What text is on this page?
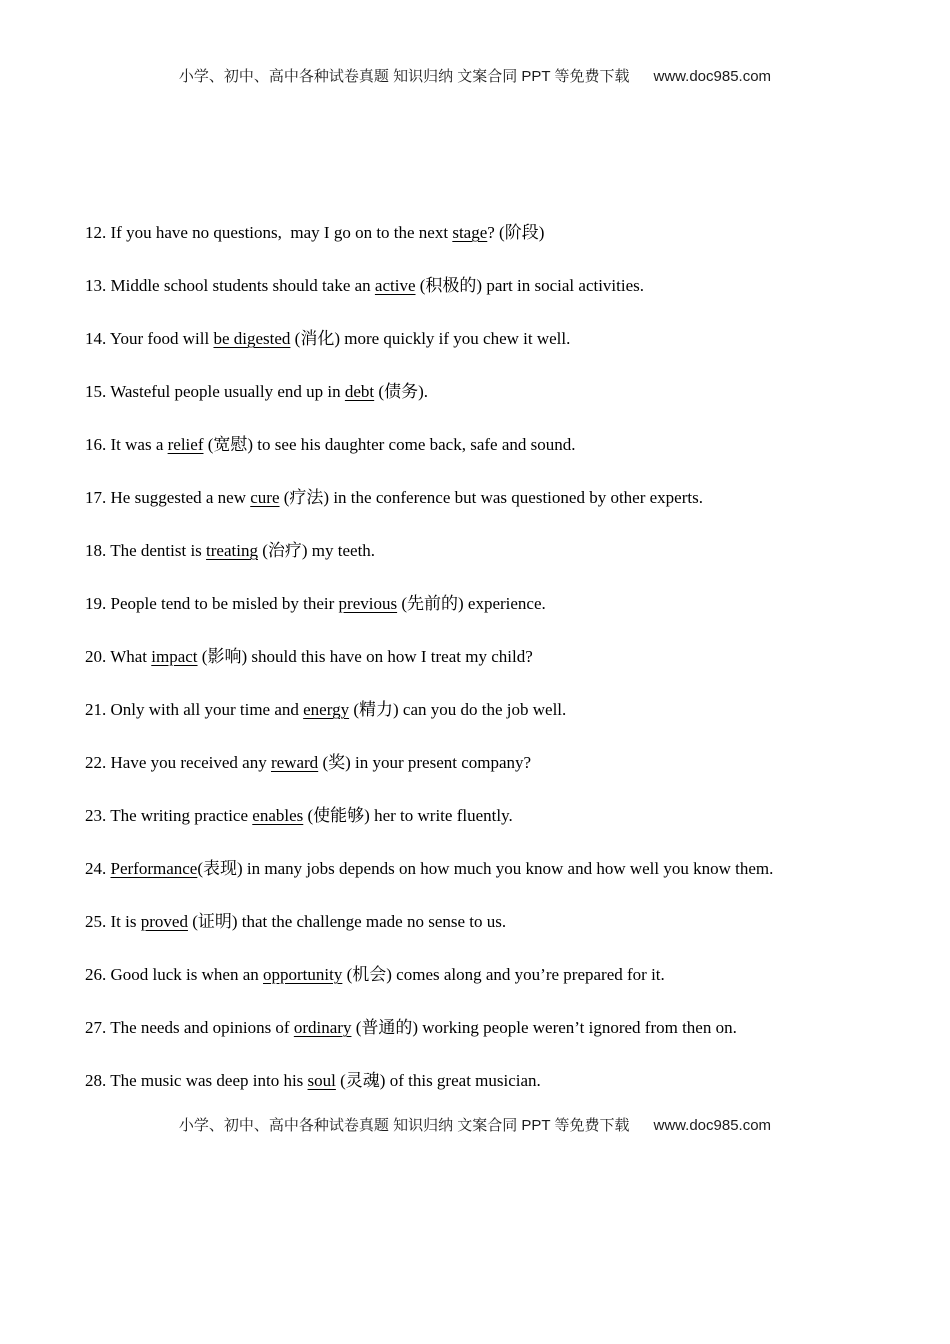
小学、初中、高中各种试卷真题 知识归纳 文案合同 PPT 等免费下载 www.doc985.com

12. If you have no questions,  may I go on to the next stage? (阶段)

13. Middle school students should take an active (积极的) part in social activities.

14. Your food will be digested (消化) more quickly if you chew it well.

15. Wasteful people usually end up in debt (债务).

16. It was a relief (宽慰) to see his daughter come back, safe and sound.

17. He suggested a new cure (疗法) in the conference but was questioned by other experts.

18. The dentist is treating (治疗) my teeth.

19. People tend to be misled by their previous (先前的) experience.

20. What impact (影响) should this have on how I treat my child?

21. Only with all your time and energy (精力) can you do the job well.

22. Have you received any reward (奖) in your present company?

23. The writing practice enables (使能够) her to write fluently.

24. Performance(表现) in many jobs depends on how much you know and how well you know them.

25. It is proved (证明) that the challenge made no sense to us.

26. Good luck is when an opportunity (机会) comes along and you’re prepared for it.

27. The needs and opinions of ordinary (普通的) working people weren’t ignored from then on.

28. The music was deep into his soul (灵魂) of this great musician.

小学、初中、高中各种试卷真题 知识归纳 文案合同 PPT 等免费下载 www.doc985.com
